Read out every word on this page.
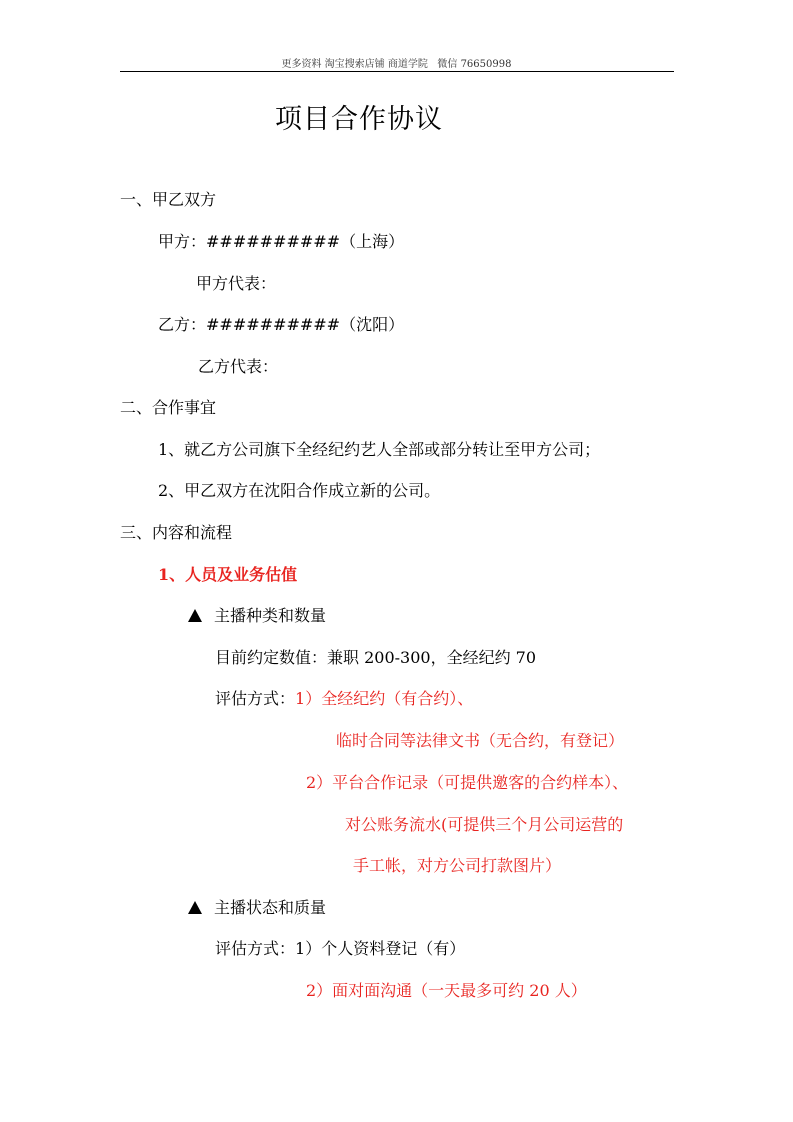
更多资料 淘宝搜索店铺 商道学院   微信 76650998
项目合作协议
一、甲乙双方
甲方：##########（上海）
甲方代表：
乙方：##########（沈阳）
乙方代表：
二、合作事宜
1、就乙方公司旗下全经纪约艺人全部或部分转让至甲方公司；
2、甲乙双方在沈阳合作成立新的公司。
三、内容和流程
1、人员及业务估值
主播种类和数量
目前约定数值：兼职 200-300，全经纪约 70
评估方式：1）全经纪约（有合约）、
临时合同等法律文书（无合约，有登记）
2）平台合作记录（可提供邀客的合约样本）、
对公账务流水(可提供三个月公司运营的
手工帐，对方公司打款图片）
主播状态和质量
评估方式：1）个人资料登记（有）
2）面对面沟通（一天最多可约 20 人）
